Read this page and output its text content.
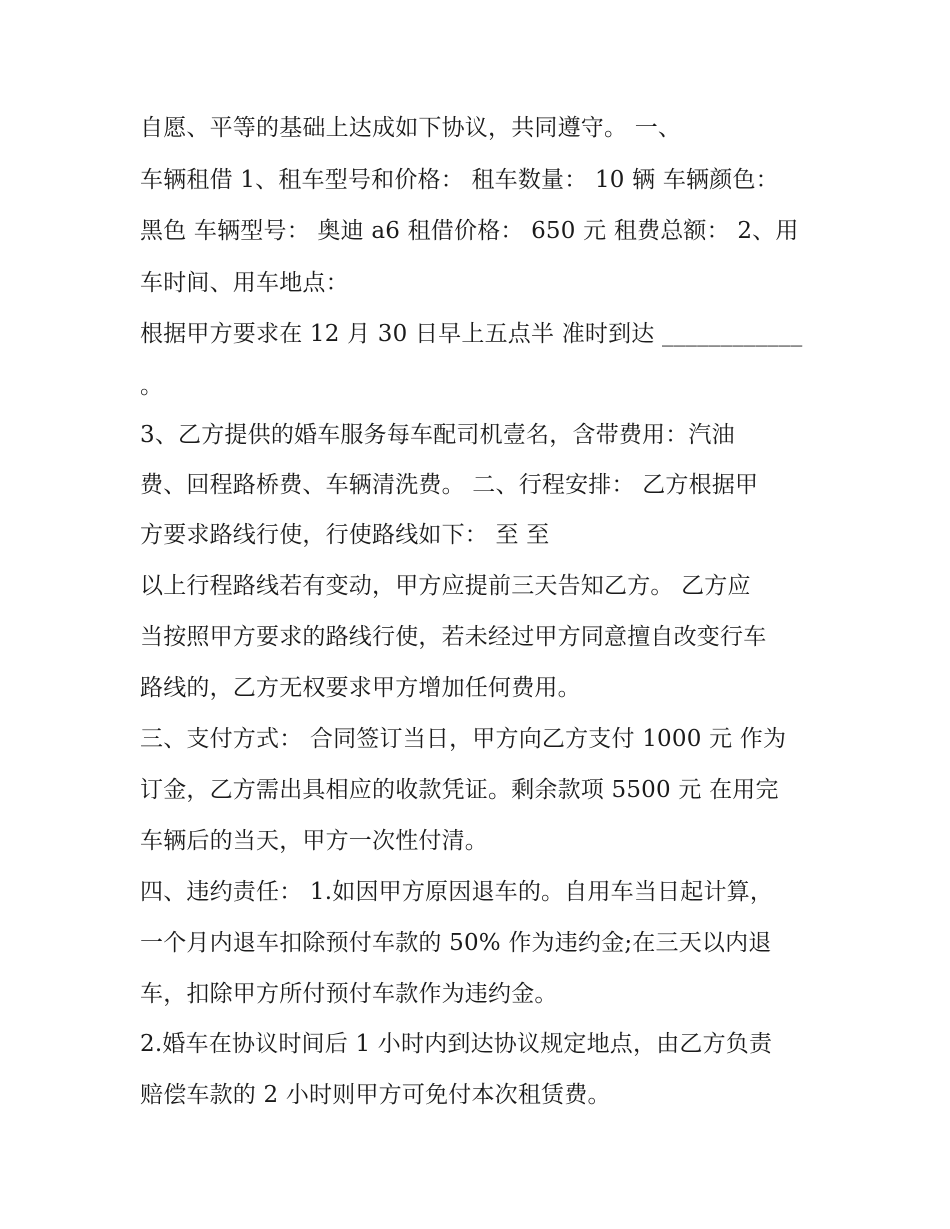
自愿、平等的基础上达成如下协议，共同遵守。 一、
车辆租借 1、租车型号和价格： 租车数量： 10 辆 车辆颜色：
黑色 车辆型号： 奥迪 a6 租借价格： 650 元 租费总额： 2、用
车时间、用车地点：
根据甲方要求在 12 月 30 日早上五点半 准时到达 ____________
。
3、乙方提供的婚车服务每车配司机壹名，含带费用：汽油
费、回程路桥费、车辆清洗费。 二、行程安排： 乙方根据甲
方要求路线行使，行使路线如下： 至 至
以上行程路线若有变动，甲方应提前三天告知乙方。 乙方应
当按照甲方要求的路线行使，若未经过甲方同意擅自改变行车
路线的，乙方无权要求甲方增加任何费用。
三、支付方式： 合同签订当日，甲方向乙方支付 1000 元 作为
订金，乙方需出具相应的收款凭证。剩余款项 5500 元 在用完
车辆后的当天，甲方一次性付清。
四、违约责任： 1.如因甲方原因退车的。自用车当日起计算，
一个月内退车扣除预付车款的 50% 作为违约金;在三天以内退
车，扣除甲方所付预付车款作为违约金。
2.婚车在协议时间后 1 小时内到达协议规定地点，由乙方负责
赔偿车款的 2 小时则甲方可免付本次租赁费。
